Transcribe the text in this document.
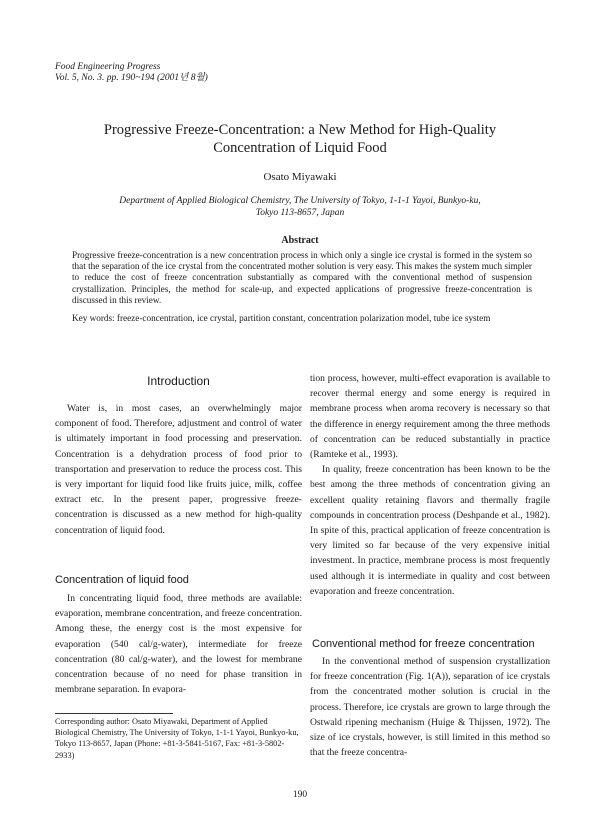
Food Engineering Progress
Vol. 5, No. 3. pp. 190~194 (2001년 8월)
Progressive Freeze-Concentration: a New Method for High-Quality
Concentration of Liquid Food
Osato Miyawaki
Department of Applied Biological Chemistry, The University of Tokyo, 1-1-1 Yayoi, Bunkyo-ku,
Tokyo 113-8657, Japan
Abstract
Progressive freeze-concentration is a new concentration process in which only a single ice crystal is formed in the system so that the separation of the ice crystal from the concentrated mother solution is very easy. This makes the system much simpler to reduce the cost of freeze concentration substantially as compared with the conventional method of suspension crystallization. Principles, the method for scale-up, and expected applications of progressive freeze-concentration is discussed in this review.
Key words: freeze-concentration, ice crystal, partition constant, concentration polarization model, tube ice system
Introduction

Water is, in most cases, an overwhelmingly major component of food. Therefore, adjustment and control of water is ultimately important in food processing and preservation. Concentration is a dehydration process of food prior to transportation and preservation to reduce the process cost. This is very important for liquid food like fruits juice, milk, coffee extract etc. In the present paper, progressive freeze-concentration is discussed as a new method for high-quality concentration of liquid food.

Concentration of liquid food

In concentrating liquid food, three methods are available: evaporation, membrane concentration, and freeze concentration. Among these, the energy cost is the most expensive for evaporation (540 cal/g-water), intermediate for freeze concentration (80 cal/g-water), and the lowest for membrane concentration because of no need for phase transition in membrane separation. In evapora-

tion process, however, multi-effect evaporation is available to recover thermal energy and some energy is required in membrane process when aroma recovery is necessary so that the difference in energy requirement among the three methods of concentration can be reduced substantially in practice (Ramteke et al., 1993).

In quality, freeze concentration has been known to be the best among the three methods of concentration giving an excellent quality retaining flavors and thermally fragile compounds in concentration process (Deshpande et al., 1982). In spite of this, practical application of freeze concentration is very limited so far because of the very expensive initial investment. In practice, membrane process is most frequently used although it is intermediate in quality and cost between evaporation and freeze concentration.

Conventional method for freeze concentration

In the conventional method of suspension crystallization for freeze concentration (Fig. 1(A)), separation of ice crystals from the concentrated mother solution is crucial in the process. Therefore, ice crystals are grown to large through the Ostwald ripening mechanism (Huige & Thijssen, 1972). The size of ice crystals, however, is still limited in this method so that the freeze concentra-

Corresponding author: Osato Miyawaki, Department of Applied Biological Chemistry, The University of Tokyo, 1-1-1 Yayoi, Bunkyo-ku, Tokyo 113-8657, Japan (Phone: +81-3-5841-5167, Fax: +81-3-5802-2933)
190
